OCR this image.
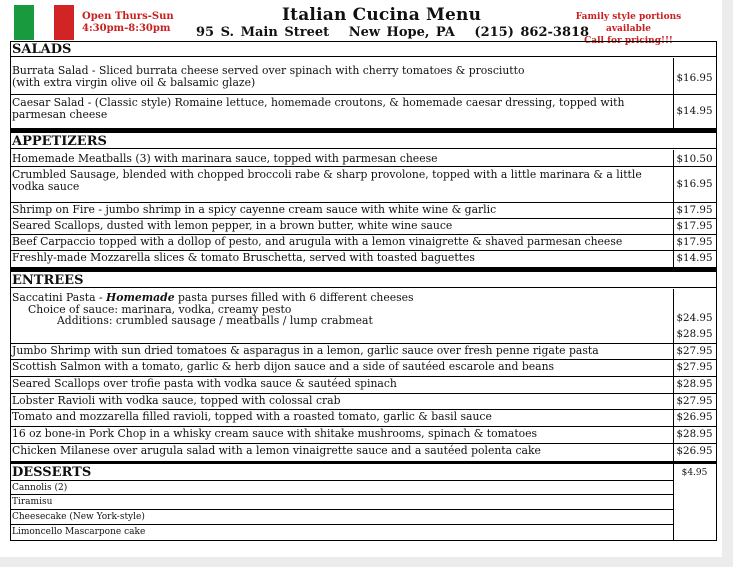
Open Thurs-Sun
4:30pm-8:30pm
Italian Cucina Menu
95 S. Main Street   New Hope, PA   (215) 862-3818
Family style portions available
Call for pricing!!!
SALADS
Burrata Salad - Sliced burrata cheese served over spinach with cherry tomatoes & prosciutto
(with extra virgin olive oil & balsamic glaze)	$16.95
Caesar Salad - (Classic style) Romaine lettuce, homemade croutons, & homemade caesar dressing, topped with
parmesan cheese	$14.95
APPETIZERS
Homemade Meatballs (3) with marinara sauce, topped with parmesan cheese	$10.50
Crumbled Sausage, blended with chopped broccoli rabe & sharp provolone, topped with a little marinara & a little
vodka sauce	$16.95
Shrimp on Fire - jumbo shrimp in a spicy cayenne cream sauce with white wine & garlic	$17.95
Seared Scallops, dusted with lemon pepper, in a brown butter, white wine sauce	$17.95
Beef Carpaccio topped with a dollop of pesto, and arugula with a lemon vinaigrette & shaved parmesan cheese	$17.95
Freshly-made Mozzarella slices & tomato Bruschetta, served with toasted baguettes	$14.95
ENTREES
Saccatini Pasta - Homemade pasta purses filled with 6 different cheeses
Choice of sauce: marinara, vodka, creamy pesto
Additions: crumbled sausage / meatballs / lump crabmeat	$24.95
$28.95
Jumbo Shrimp with sun dried tomatoes & asparagus in a lemon, garlic sauce over fresh penne rigate pasta	$27.95
Scottish Salmon with a tomato, garlic & herb dijon sauce and a side of sautéed escarole and beans	$27.95
Seared Scallops over trofie pasta with vodka sauce & sautéed spinach	$28.95
Lobster Ravioli with vodka sauce, topped with colossal crab	$27.95
Tomato and mozzarella filled ravioli, topped with a roasted tomato, garlic & basil sauce	$26.95
16 oz bone-in Pork Chop in a whisky cream sauce with shitake mushrooms, spinach & tomatoes	$28.95
Chicken Milanese over arugula salad with a lemon vinaigrette sauce and a sautéed polenta cake	$26.95
DESSERTS	$4.95
Cannolis (2)
Tiramisu
Cheesecake (New York-style)
Limoncello Mascarpone cake
